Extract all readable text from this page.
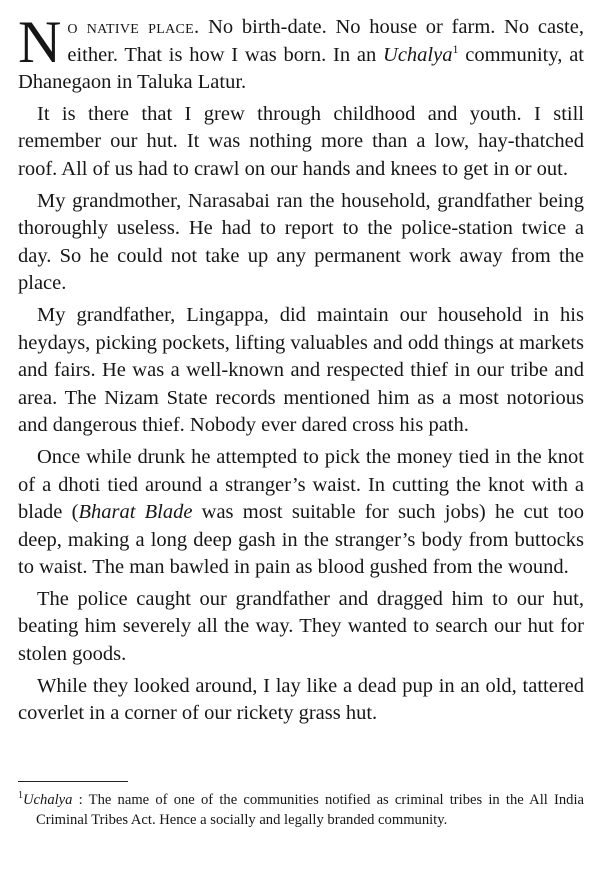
No native place. No birth-date. No house or farm. No caste, either. That is how I was born. In an Uchalya$^1$ community, at Dhanegaon in Taluka Latur.

It is there that I grew through childhood and youth. I still remember our hut. It was nothing more than a low, hay-thatched roof. All of us had to crawl on our hands and knees to get in or out.

My grandmother, Narasabai ran the household, grandfather being thoroughly useless. He had to report to the police-station twice a day. So he could not take up any permanent work away from the place.

My grandfather, Lingappa, did maintain our household in his heydays, picking pockets, lifting valuables and odd things at markets and fairs. He was a well-known and respected thief in our tribe and area. The Nizam State records mentioned him as a most notorious and dangerous thief. Nobody ever dared cross his path.

Once while drunk he attempted to pick the money tied in the knot of a dhoti tied around a stranger’s waist. In cutting the knot with a blade (Bharat Blade was most suitable for such jobs) he cut too deep, making a long deep gash in the stranger’s body from buttocks to waist. The man bawled in pain as blood gushed from the wound.

The police caught our grandfather and dragged him to our hut, beating him severely all the way. They wanted to search our hut for stolen goods.

While they looked around, I lay like a dead pup in an old, tattered coverlet in a corner of our rickety grass hut.

$^1$Uchalya : The name of one of the communities notified as criminal tribes in the All India Criminal Tribes Act. Hence a socially and legally branded community.
